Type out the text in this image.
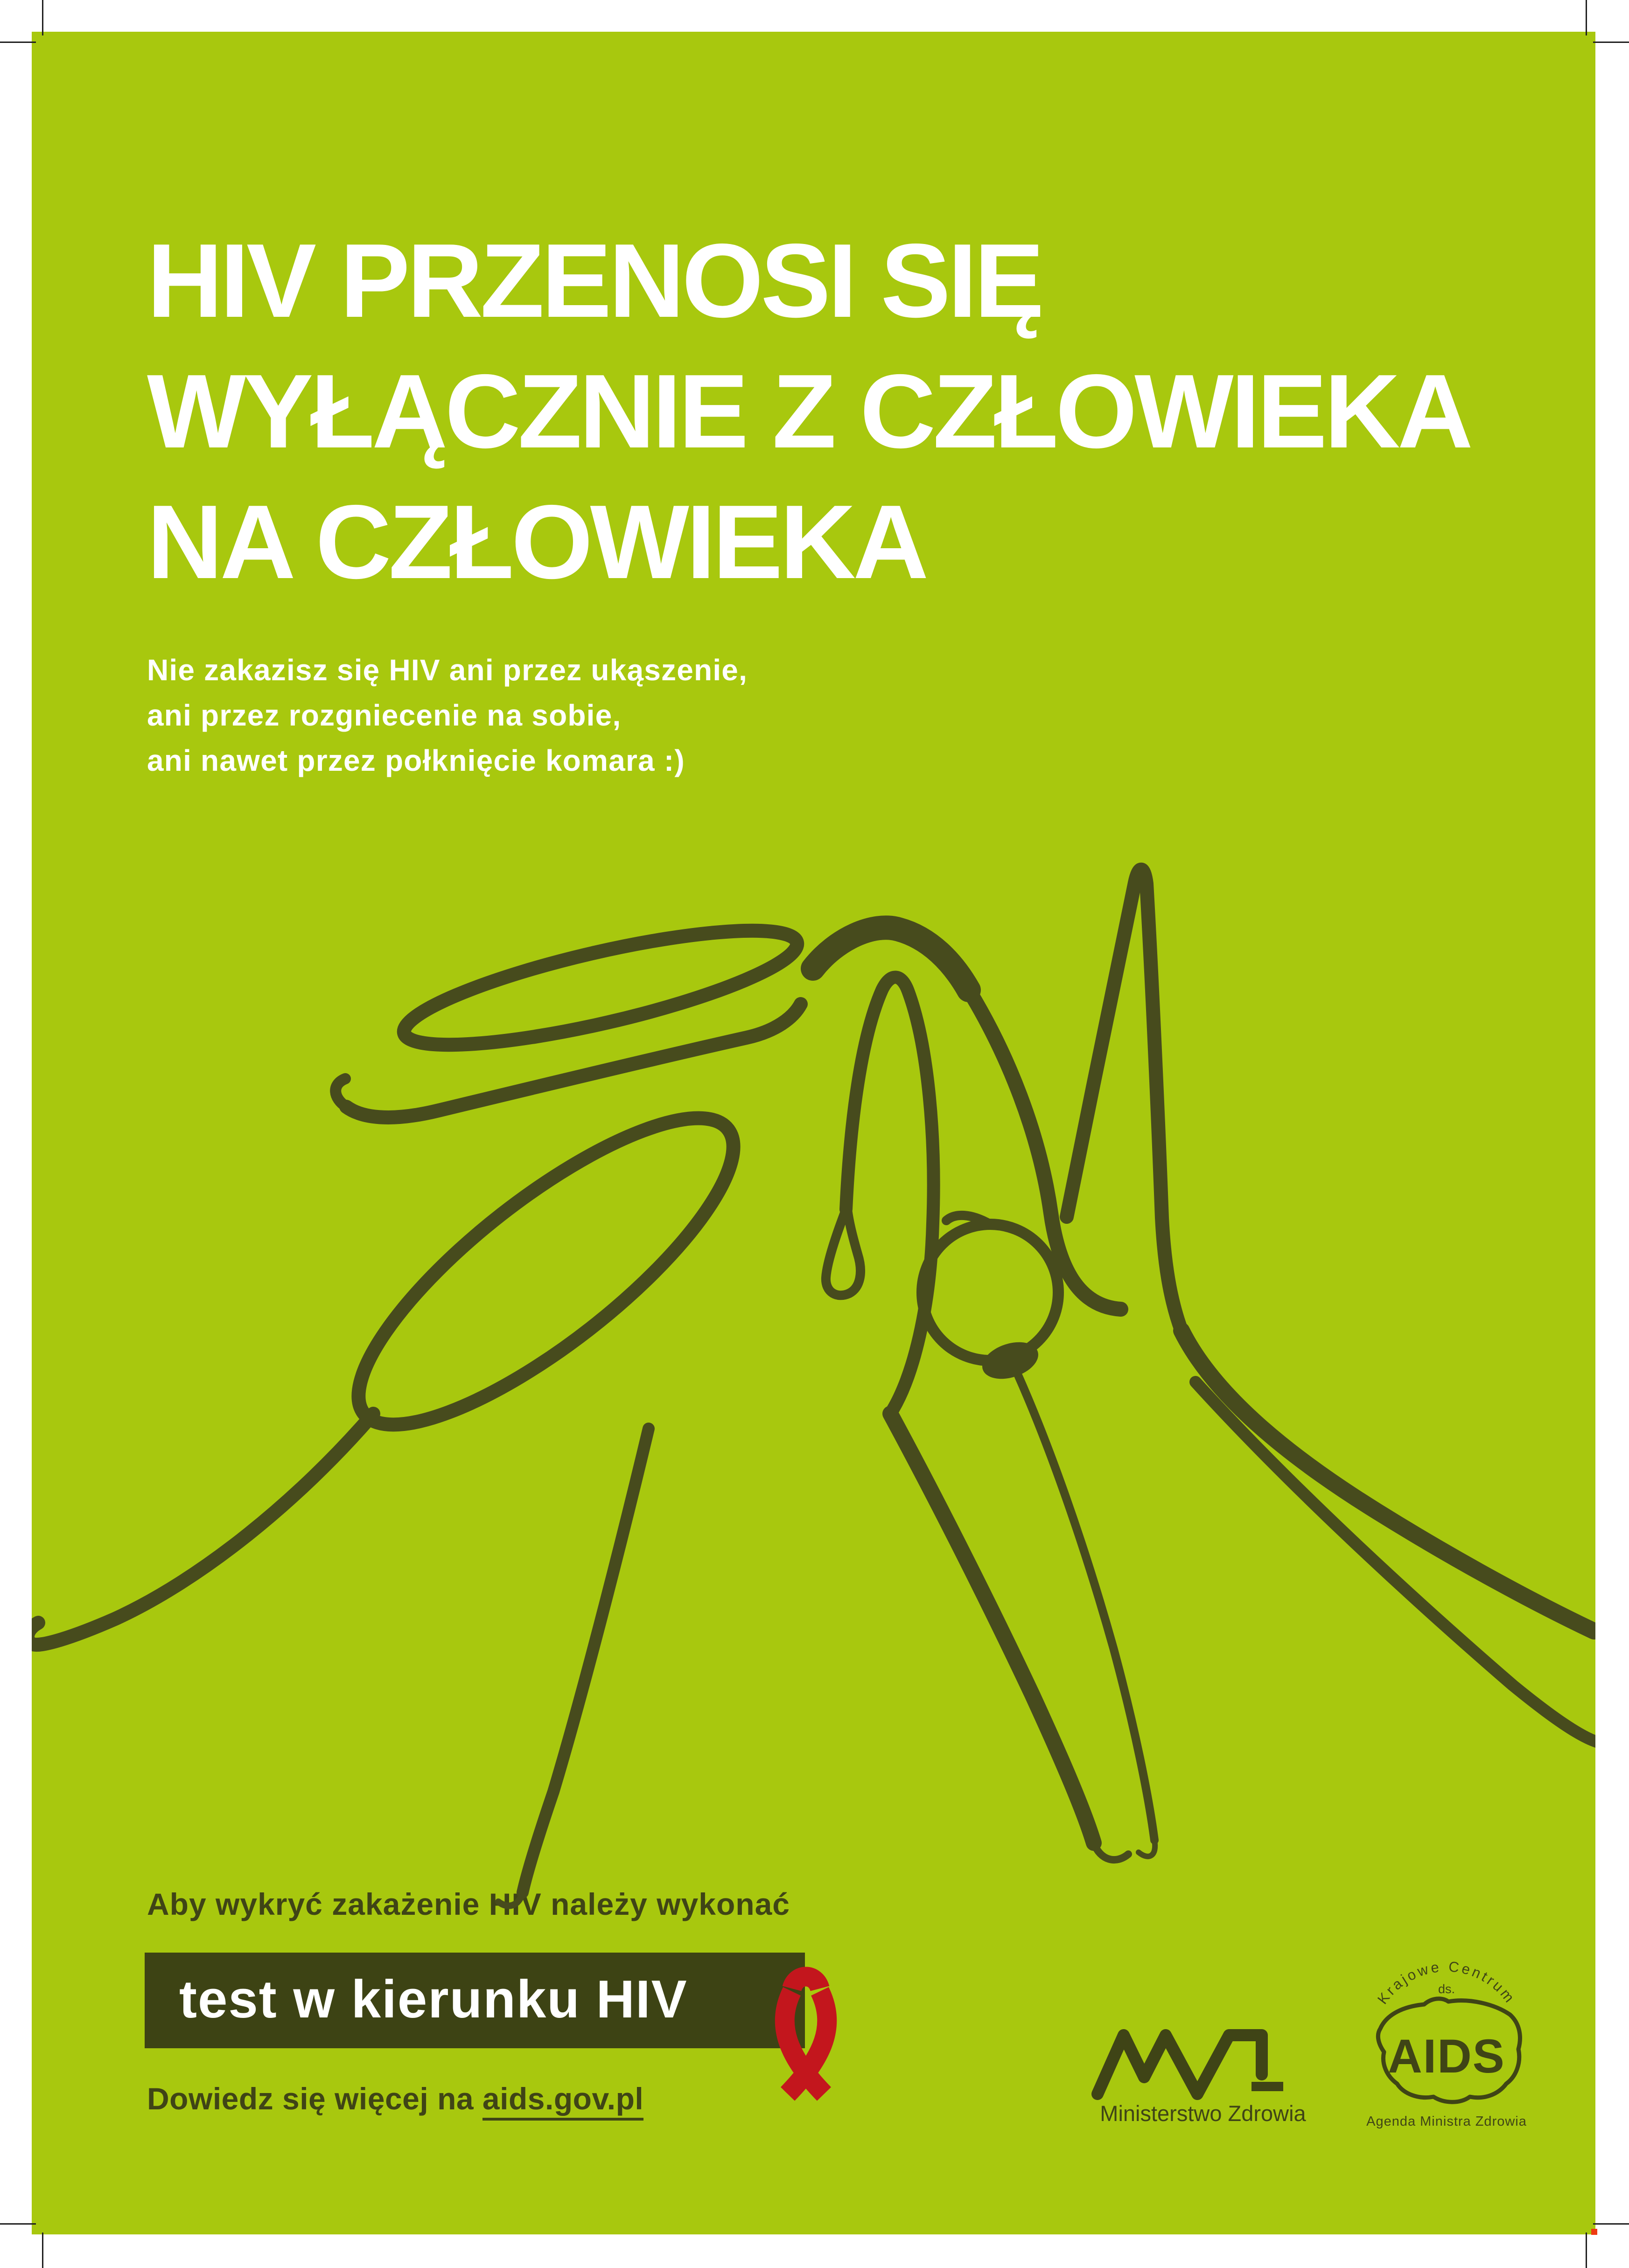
HIV PRZENOSI SIĘ
WYŁĄCZNIE Z CZŁOWIEKA
NA CZŁOWIEKA
Nie zakazisz się HIV ani przez ukąszenie,
ani przez rozgniecenie na sobie,
ani nawet przez połknięcie komara :)
Aby wykryć zakażenie HIV należy wykonać
test w kierunku HIV
Dowiedz się więcej na aids.gov.pl	Ministerstwo Zdrowia
Krajowe Centrum
ds.
AIDS
Agenda Ministra Zdrowia
